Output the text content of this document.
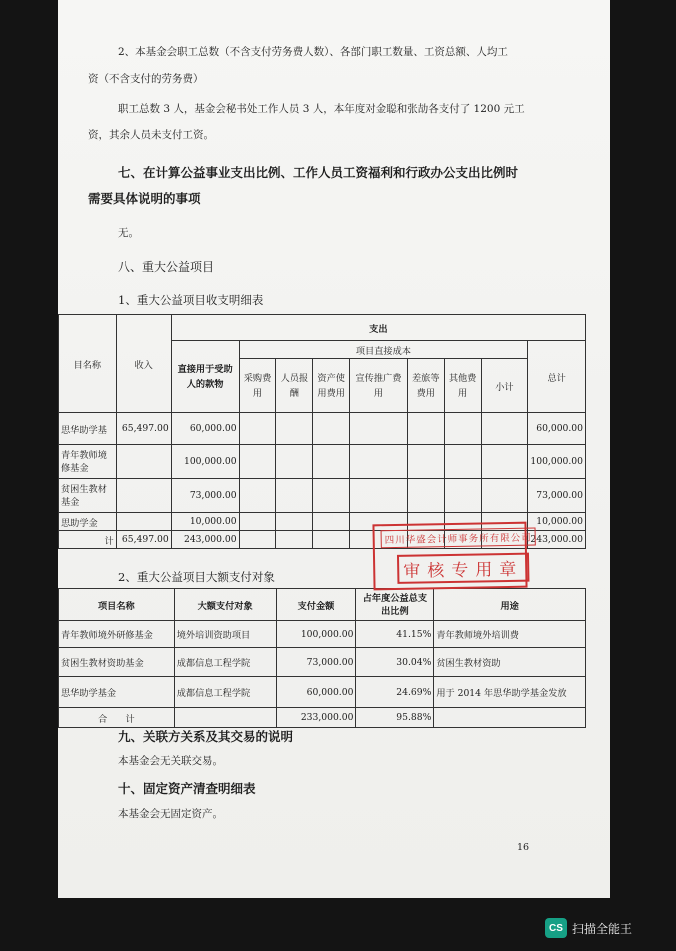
2、本基金会职工总数（不含支付劳务费人数）、各部门职工数量、工资总额、人均工
资（不含支付的劳务费）
职工总数 3 人，基金会秘书处工作人员 3 人，本年度对金聪和张劼各支付了 1200 元工
资，其余人员未支付工资。
七、在计算公益事业支出比例、工作人员工资福利和行政办公支出比例时
需要具体说明的事项
无。
八、重大公益项目
1、重大公益项目收支明细表
目名称	收入	支出								
		直接用于受助人的款物	项目直接成本							总计
			采购费用	人员报酬	资产使用费用	宣传推广费用	差旅等费用	其他费用	小计	
思华助学基	65,497.00	60,000.00								60,000.00
青年教师境修基金		100,000.00								100,000.00
贫困生教材基金		73,000.00								73,000.00
思助学金		10,000.00								10,000.00
计	65,497.00	243,000.00								243,000.00
2、重大公益项目大额支付对象
项目名称	大额支付对象	支付金额	占年度公益总支出比例	用途
青年教师境外研修基金	境外培训资助项目	100,000.00	41.15%	青年教师境外培训费
贫困生教材资助基金	成都信息工程学院	73,000.00	30.04%	贫困生教材资助
思华助学基金	成都信息工程学院	60,000.00	24.69%	用于 2014 年思华助学基金发放
合　　计		233,000.00	95.88%	
四川华盛会计师事务所有限公司
审核专用章
九、关联方关系及其交易的说明
本基金会无关联交易。
十、固定资产清查明细表
本基金会无固定资产。
16
CS 扫描全能王
